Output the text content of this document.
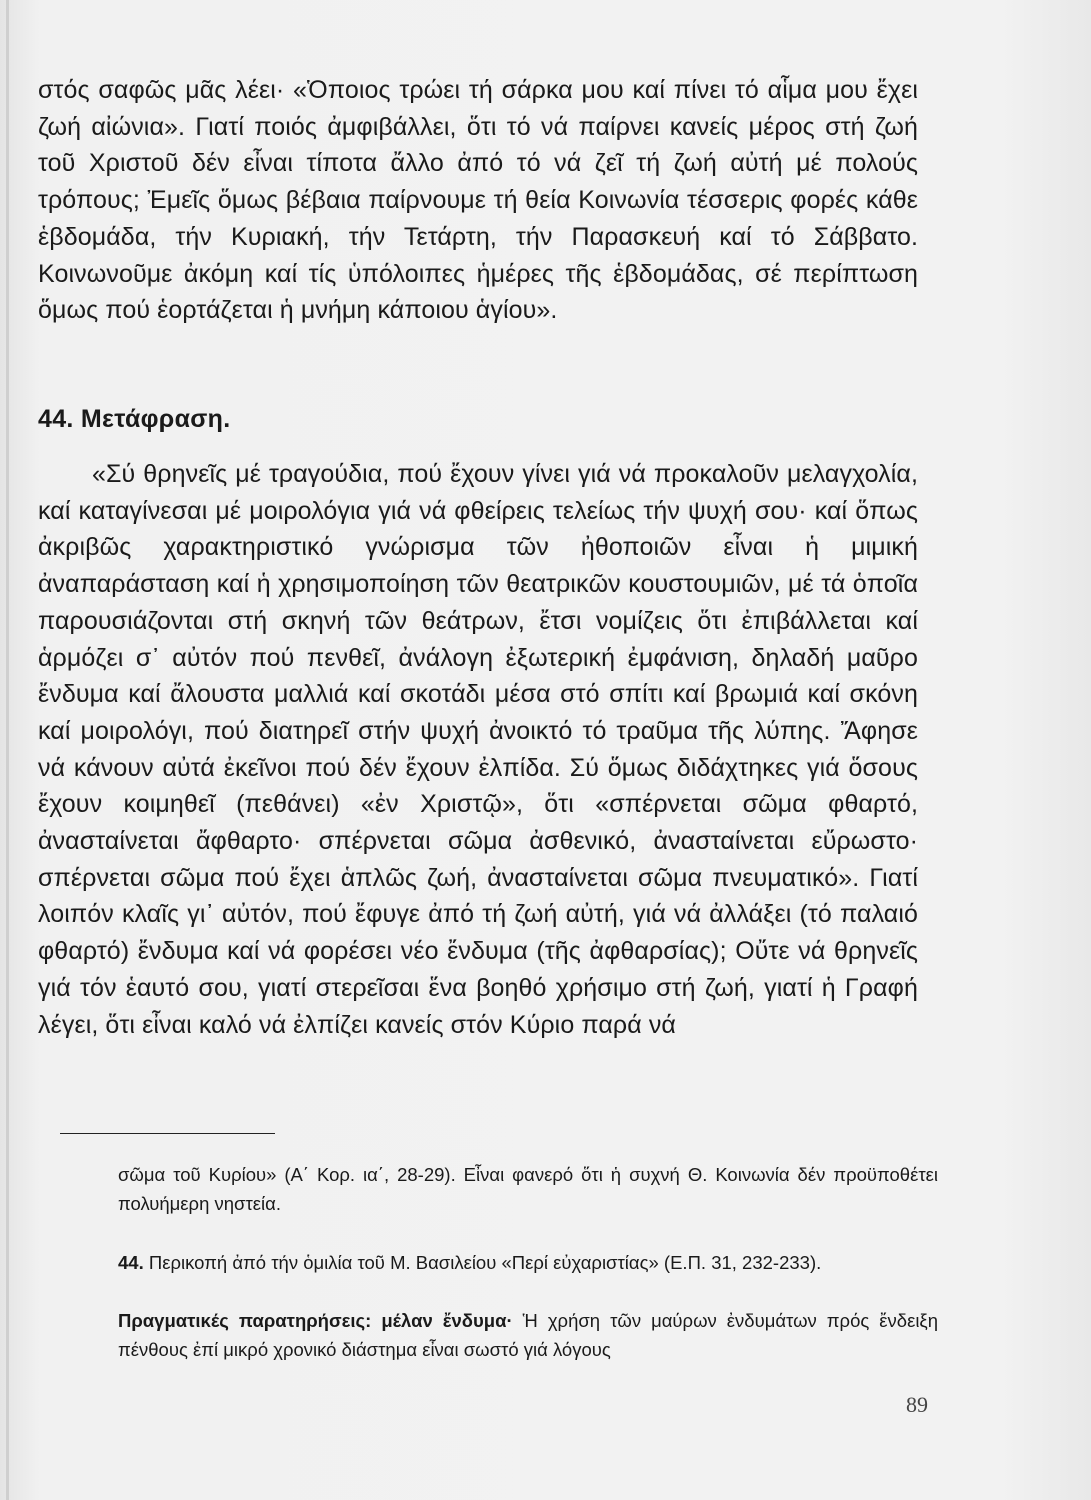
στός σαφῶς μᾶς λέει· «Ὁποιος τρώει τή σάρκα μου καί πίνει τό αἷμα μου ἔχει ζωή αἰώνια». Γιατί ποιός ἀμφιβάλλει, ὅτι τό νά παίρνει κανείς μέρος στή ζωή τοῦ Χριστοῦ δέν εἶναι τίποτα ἄλλο ἀπό τό νά ζεῖ τή ζωή αὐτή μέ πολούς τρόπους; Ἐμεῖς ὅμως βέβαια παίρνουμε τή θεία Κοινωνία τέσσερις φορές κάθε ἑβδομάδα, τήν Κυριακή, τήν Τετάρτη, τήν Παρασκευή καί τό Σάββατο. Κοινωνοῦμε ἀκόμη καί τίς ὑπόλοιπες ἡμέρες τῆς ἑβδομάδας, σέ περίπτωση ὅμως πού ἑορτάζεται ἡ μνήμη κάποιου ἁγίου».

44. Μετάφραση.

«Σύ θρηνεῖς μέ τραγούδια, πού ἔχουν γίνει γιά νά προκαλοῦν μελαγχολία, καί καταγίνεσαι μέ μοιρολόγια γιά νά φθείρεις τελείως τήν ψυχή σου· καί ὅπως ἀκριβῶς χαρακτηριστικό γνώρισμα τῶν ἠθοποιῶν εἶναι ἡ μιμική ἀναπαράσταση καί ἡ χρησιμοποίηση τῶν θεατρικῶν κουστουμιῶν, μέ τά ὁποῖα παρουσιάζονται στή σκηνή τῶν θεάτρων, ἔτσι νομίζεις ὅτι ἐπιβάλλεται καί ἁρμόζει σ᾽ αὐτόν πού πενθεῖ, ἀνάλογη ἐξωτερική ἐμφάνιση, δηλαδή μαῦρο ἔνδυμα καί ἄλουστα μαλλιά καί σκοτάδι μέσα στό σπίτι καί βρωμιά καί σκόνη καί μοιρολόγι, πού διατηρεῖ στήν ψυχή ἀνοικτό τό τραῦμα τῆς λύπης. Ἄφησε νά κάνουν αὐτά ἐκεῖνοι πού δέν ἔχουν ἐλπίδα. Σύ ὅμως διδάχτηκες γιά ὅσους ἔχουν κοιμηθεῖ (πεθάνει) «ἐν Χριστῷ», ὅτι «σπέρνεται σῶμα φθαρτό, ἀνασταίνεται ἄφθαρτο· σπέρνεται σῶμα ἀσθενικό, ἀνασταίνεται εὔρωστο· σπέρνεται σῶμα πού ἔχει ἁπλῶς ζωή, ἀνασταίνεται σῶμα πνευματικό». Γιατί λοιπόν κλαῖς γι᾽ αὐτόν, πού ἔφυγε ἀπό τή ζωή αὐτή, γιά νά ἀλλάξει (τό παλαιό φθαρτό) ἔνδυμα καί νά φορέσει νέο ἔνδυμα (τῆς ἀφθαρσίας); Οὔτε νά θρηνεῖς γιά τόν ἑαυτό σου, γιατί στερεῖσαι ἕνα βοηθό χρήσιμο στή ζωή, γιατί ἡ Γραφή λέγει, ὅτι εἶναι καλό νά ἐλπίζει κανείς στόν Κύριο παρά νά

σῶμα τοῦ Κυρίου» (Α΄ Κορ. ια΄, 28-29). Εἶναι φανερό ὅτι ἡ συχνή Θ. Κοινωνία δέν προϋποθέτει πολυήμερη νηστεία.

44. Περικοπή ἀπό τήν ὁμιλία τοῦ Μ. Βασιλείου «Περί εὐχαριστίας» (Ε.Π. 31, 232-233).

Πραγματικές παρατηρήσεις: μέλαν ἔνδυμα· Ἡ χρήση τῶν μαύρων ἐνδυμάτων πρός ἔνδειξη πένθους ἐπί μικρό χρονικό διάστημα εἶναι σωστό γιά λόγους

89
